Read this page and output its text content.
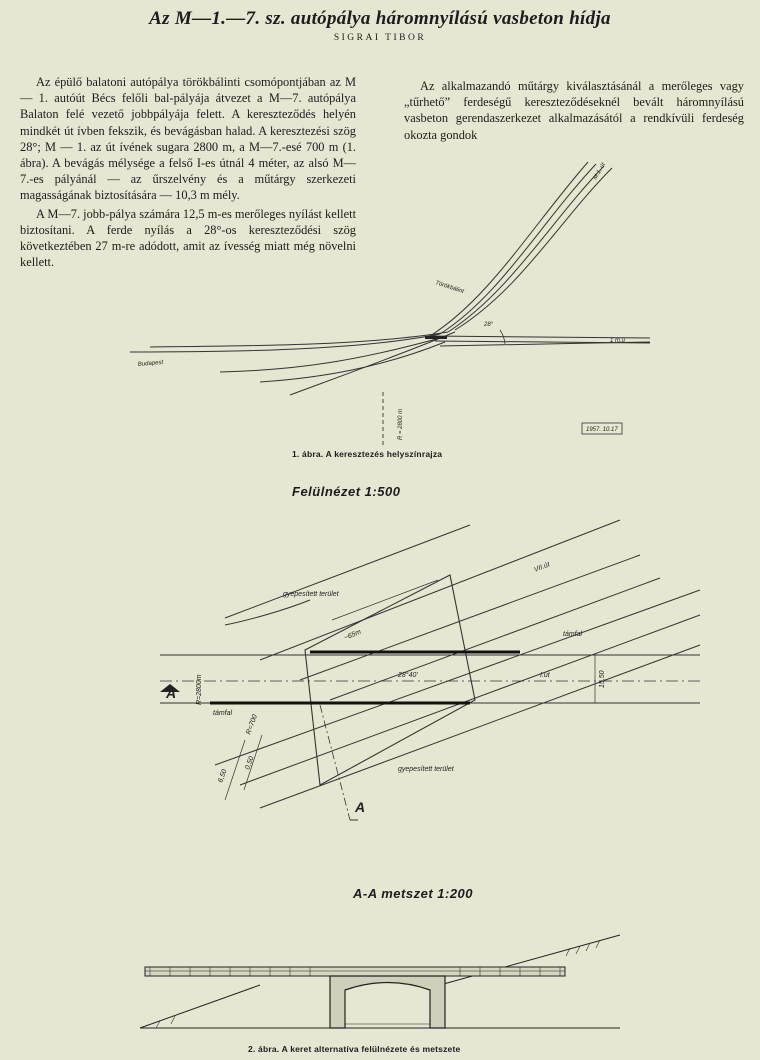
Az M—1.—7. sz. autópálya háromnyílású vasbeton hídja
SIGRAI TIBOR

Az épülő balatoni autópálya törökbálinti csomópontjában az M — 1. autóút Bécs felőli bal-pályája átvezet a M—7. autópálya Balaton felé vezető jobbpályája felett. A kereszteződés helyén mindkét út ívben fekszik, és bevágásban halad. A keresztezési szög 28°; M — 1. az út ívének sugara 2800 m, a M—7.-esé 700 m (1. ábra). A bevágás mélysége a felső I-es útnál 4 méter, az alsó M—7.-es pályánál — az űrszelvény és a műtárgy szerkezeti magasságának biztosítására — 10,3 m mély.

A M—7. jobb-pálya számára 12,5 m-es merőleges nyílást kellett biztosítani. A ferde nyílás a 28°-os kereszteződési szög következtében 27 m-re adódott, amit az ívesség miatt még növelni kellett.

Az alkalmazandó műtárgy kiválasztásánál a merőleges vagy „tűrhető” ferdeségű kereszteződéseknél bevált háromnyílású vasbeton gerendaszerkezet alkalmazásától a rendkívüli ferdeség okozta gondok

Törökbálint
28°
1 m.ú
Budapest
M.1. út
R = 2800 m	1957. 10.17
1. ábra. A keresztezés helyszínrajza
Felülnézet 1:500
gyepesített terület
~65m
VII.út
támfal
28°40'	I.út	15,50
R=2800m
támfal
R=700
0,50
6,50	gyepesített terület
A
A
A-A metszet 1:200
2. ábra. A keret alternatíva felülnézete és metszete
